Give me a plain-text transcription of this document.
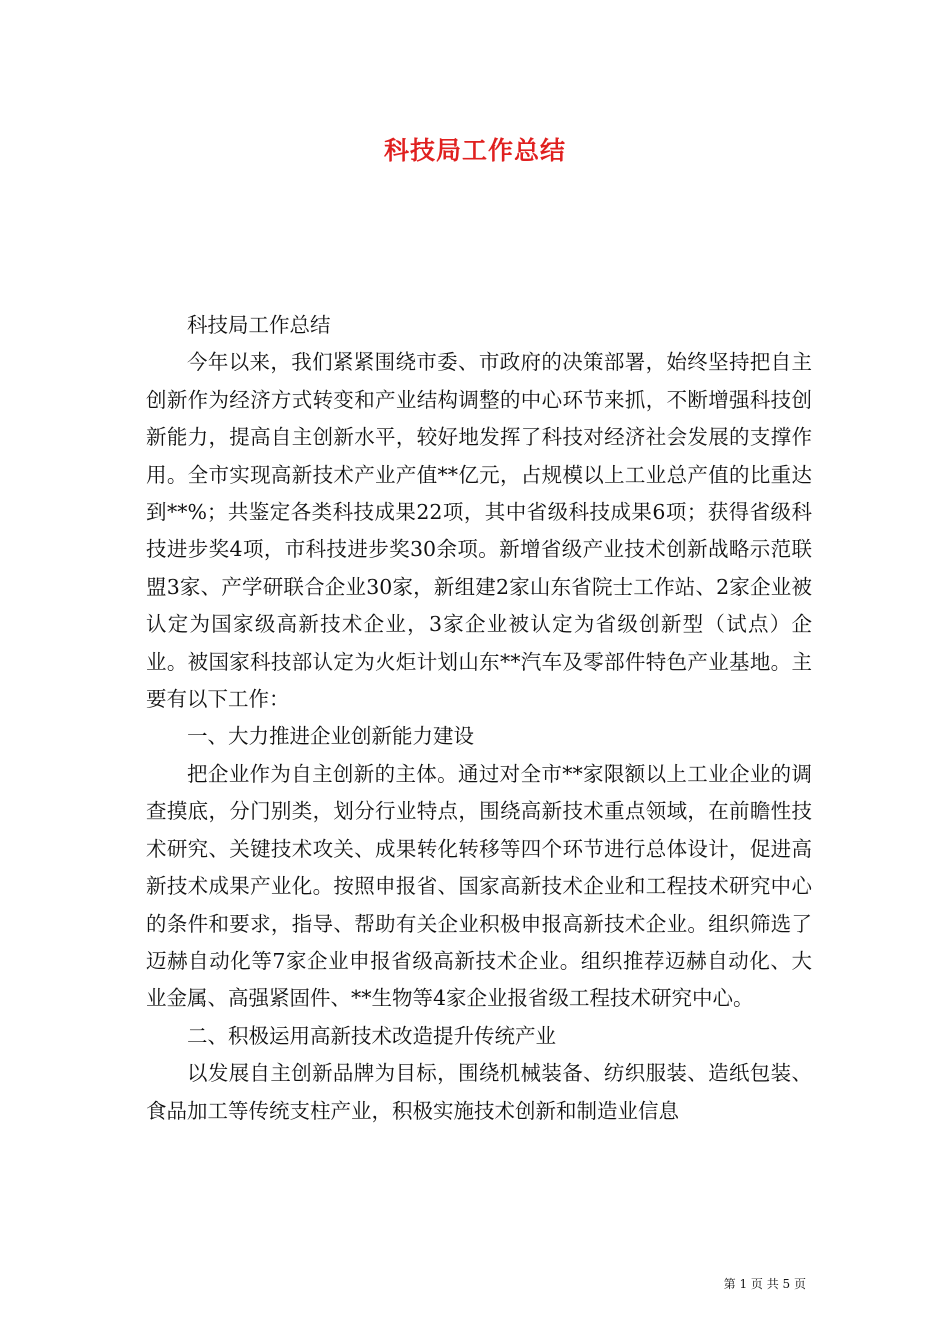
科技局工作总结

科技局工作总结

今年以来，我们紧紧围绕市委、市政府的决策部署，始终坚持把自主创新作为经济方式转变和产业结构调整的中心环节来抓，不断增强科技创新能力，提高自主创新水平，较好地发挥了科技对经济社会发展的支撑作用。全市实现高新技术产业产值**亿元，占规模以上工业总产值的比重达到**%；共鉴定各类科技成果22项，其中省级科技成果6项；获得省级科技进步奖4项，市科技进步奖30余项。新增省级产业技术创新战略示范联盟3家、产学研联合企业30家，新组建2家山东省院士工作站、2家企业被认定为国家级高新技术企业，3家企业被认定为省级创新型（试点）企业。被国家科技部认定为火炬计划山东**汽车及零部件特色产业基地。主要有以下工作：

一、大力推进企业创新能力建设

把企业作为自主创新的主体。通过对全市**家限额以上工业企业的调查摸底，分门别类，划分行业特点，围绕高新技术重点领域，在前瞻性技术研究、关键技术攻关、成果转化转移等四个环节进行总体设计，促进高新技术成果产业化。按照申报省、国家高新技术企业和工程技术研究中心的条件和要求，指导、帮助有关企业积极申报高新技术企业。组织筛选了迈赫自动化等7家企业申报省级高新技术企业。组织推荐迈赫自动化、大业金属、高强紧固件、**生物等4家企业报省级工程技术研究中心。

二、积极运用高新技术改造提升传统产业

以发展自主创新品牌为目标，围绕机械装备、纺织服装、造纸包装、食品加工等传统支柱产业，积极实施技术创新和制造业信息

第 1 页 共 5 页
